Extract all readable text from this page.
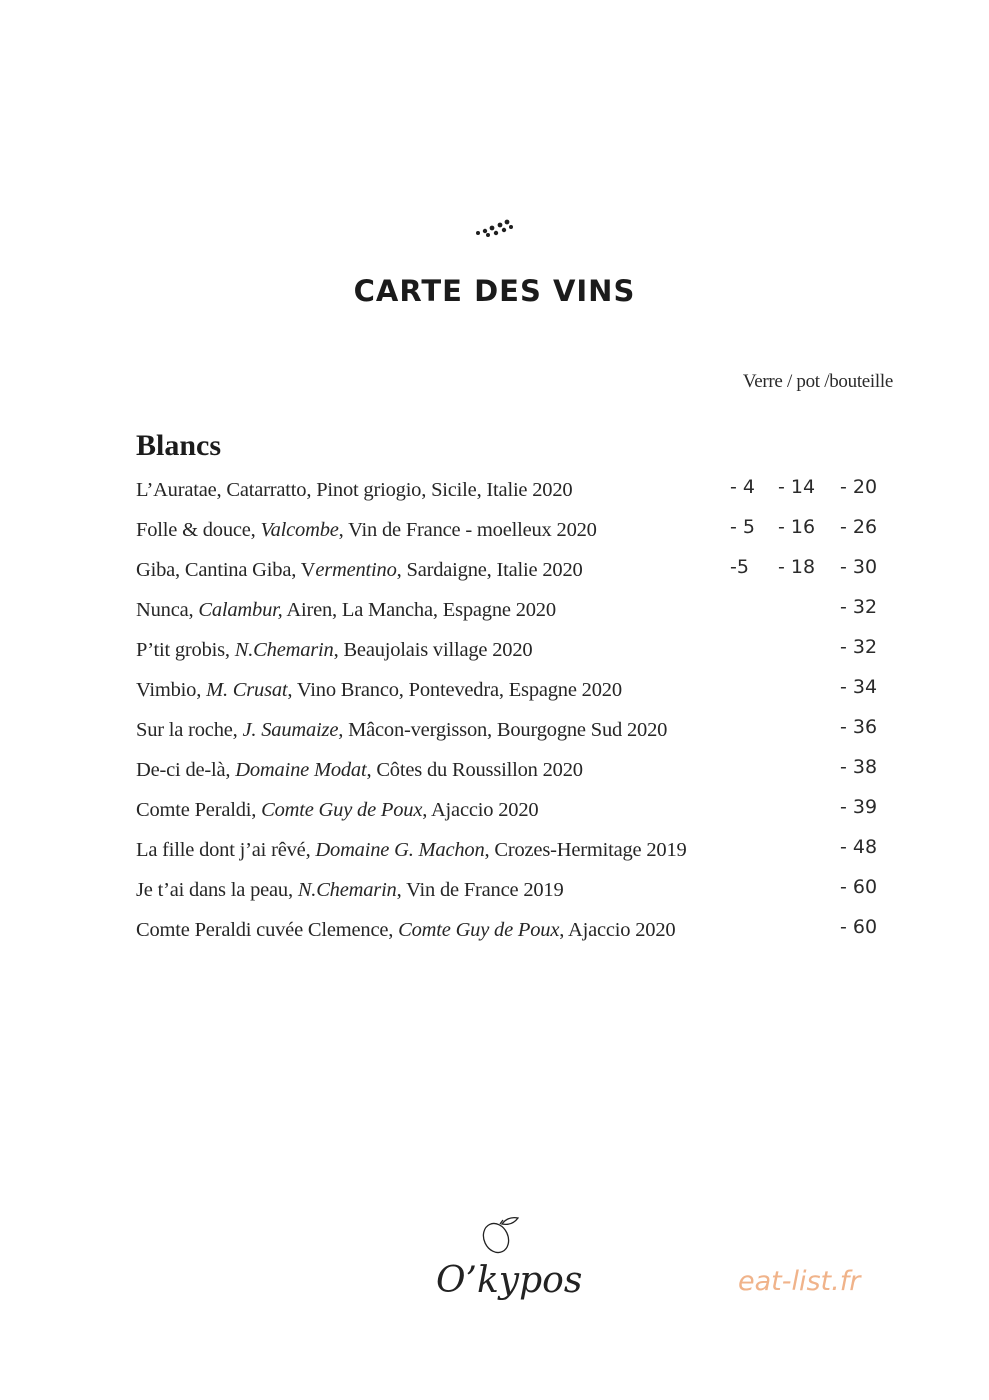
CARTE DES VINS
Verre / pot /bouteille
Blancs
L’Auratae, Catarratto, Pinot griogio, Sicile, Italie 2020	- 4 - 14 - 20
Folle & douce, Valcombe, Vin de France - moelleux 2020	- 5 - 16 - 26
Giba, Cantina Giba, Vermentino, Sardaigne, Italie 2020	-5 - 18 - 30
Nunca, Calambur, Airen, La Mancha, Espagne 2020	- 32
P’tit grobis, N.Chemarin, Beaujolais village 2020	- 32
Vimbio, M. Crusat, Vino Branco, Pontevedra, Espagne 2020	- 34
Sur la roche, J. Saumaize, Mâcon-vergisson, Bourgogne Sud 2020	- 36
De-ci de-là, Domaine Modat, Côtes du Roussillon 2020	- 38
Comte Peraldi, Comte Guy de Poux, Ajaccio 2020	- 39
La fille dont j’ai rêvé, Domaine G. Machon, Crozes-Hermitage 2019	- 48
Je t’ai dans la peau, N.Chemarin, Vin de France 2019	- 60
Comte Peraldi cuvée Clemence, Comte Guy de Poux, Ajaccio 2020	- 60
O’kypos	eat-list.fr
